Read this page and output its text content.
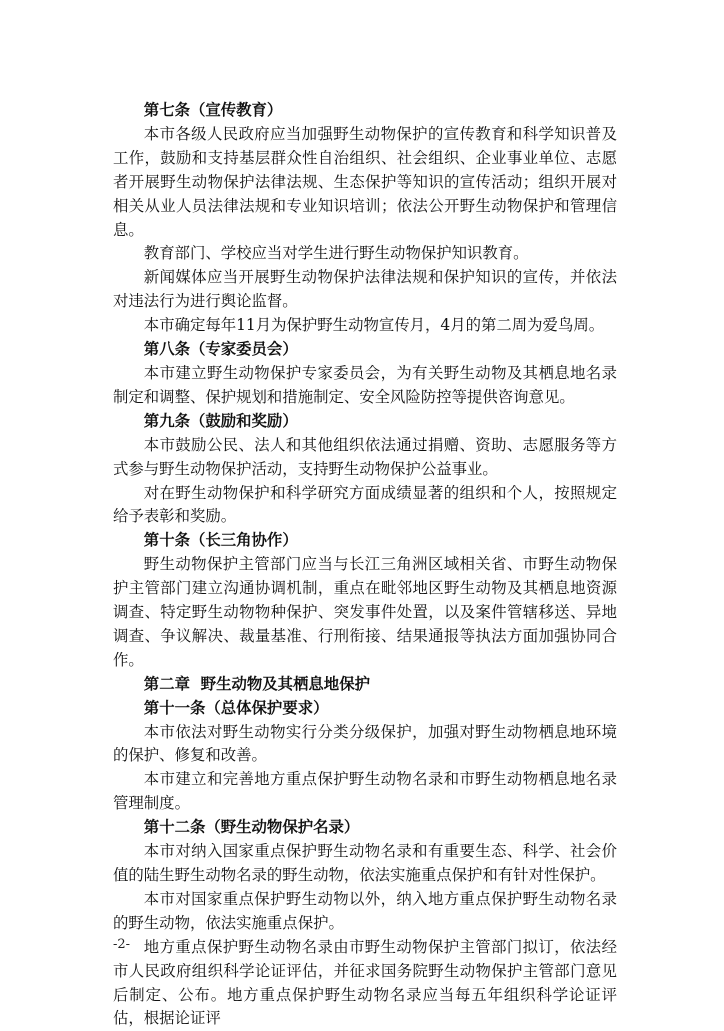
第七条（宣传教育）

本市各级人民政府应当加强野生动物保护的宣传教育和科学知识普及工作，鼓励和支持基层群众性自治组织、社会组织、企业事业单位、志愿者开展野生动物保护法律法规、生态保护等知识的宣传活动；组织开展对相关从业人员法律法规和专业知识培训；依法公开野生动物保护和管理信息。

教育部门、学校应当对学生进行野生动物保护知识教育。

新闻媒体应当开展野生动物保护法律法规和保护知识的宣传，并依法对违法行为进行舆论监督。

本市确定每年11月为保护野生动物宣传月，4月的第二周为爱鸟周。

第八条（专家委员会）

本市建立野生动物保护专家委员会，为有关野生动物及其栖息地名录制定和调整、保护规划和措施制定、安全风险防控等提供咨询意见。

第九条（鼓励和奖励）

本市鼓励公民、法人和其他组织依法通过捐赠、资助、志愿服务等方式参与野生动物保护活动，支持野生动物保护公益事业。

对在野生动物保护和科学研究方面成绩显著的组织和个人，按照规定给予表彰和奖励。

第十条（长三角协作）

野生动物保护主管部门应当与长江三角洲区域相关省、市野生动物保护主管部门建立沟通协调机制，重点在毗邻地区野生动物及其栖息地资源调查、特定野生动物物种保护、突发事件处置，以及案件管辖移送、异地调查、争议解决、裁量基准、行刑衔接、结果通报等执法方面加强协同合作。

第二章  野生动物及其栖息地保护
第十一条（总体保护要求）

本市依法对野生动物实行分类分级保护，加强对野生动物栖息地环境的保护、修复和改善。

本市建立和完善地方重点保护野生动物名录和市野生动物栖息地名录管理制度。

第十二条（野生动物保护名录）

本市对纳入国家重点保护野生动物名录和有重要生态、科学、社会价值的陆生野生动物名录的野生动物，依法实施重点保护和有针对性保护。

本市对国家重点保护野生动物以外，纳入地方重点保护野生动物名录的野生动物，依法实施重点保护。

地方重点保护野生动物名录由市野生动物保护主管部门拟订，依法经市人民政府组织科学论证评估，并征求国务院野生动物保护主管部门意见后制定、公布。地方重点保护野生动物名录应当每五年组织科学论证评估，根据论证评

-2-
